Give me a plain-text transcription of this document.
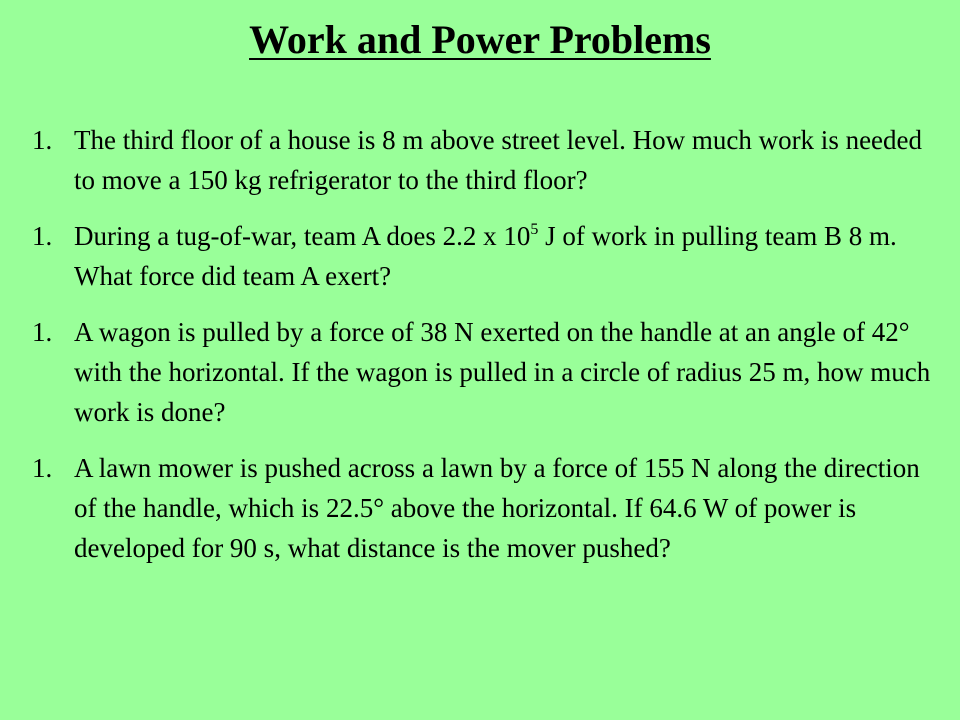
Work and Power Problems
1. The third floor of a house is 8 m above street level. How much work is needed to move a 150 kg refrigerator to the third floor?
1. During a tug-of-war, team A does 2.2 x $10^5$ J of work in pulling team B 8 m. What force did team A exert?
1. A wagon is pulled by a force of 38 N exerted on the handle at an angle of 42° with the horizontal. If the wagon is pulled in a circle of radius 25 m, how much work is done?
1. A lawn mower is pushed across a lawn by a force of 155 N along the direction of the handle, which is 22.5° above the horizontal. If 64.6 W of power is developed for 90 s, what distance is the mover pushed?
